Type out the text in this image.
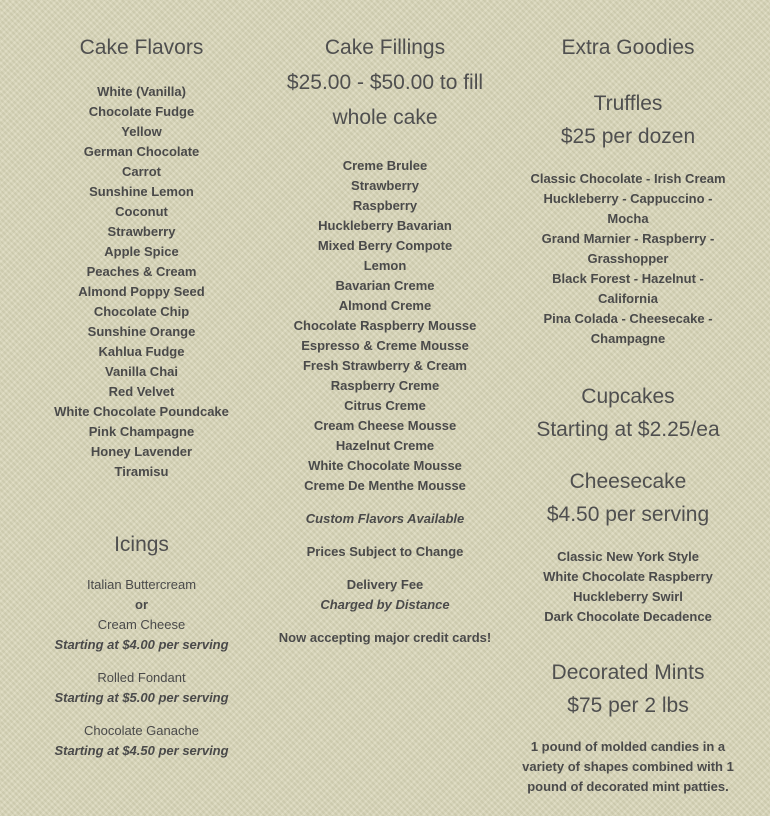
Cake Flavors
White (Vanilla)
Chocolate Fudge
Yellow
German Chocolate
Carrot
Sunshine Lemon
Coconut
Strawberry
Apple Spice
Peaches & Cream
Almond Poppy Seed
Chocolate Chip
Sunshine Orange
Kahlua Fudge
Vanilla Chai
Red Velvet
White Chocolate Poundcake
Pink Champagne
Honey Lavender
Tiramisu
Icings
Italian Buttercream
or
Cream Cheese
Starting at $4.00 per serving
Rolled Fondant
Starting at $5.00 per serving
Chocolate Ganache
Starting at $4.50 per serving
Cake Fillings
$25.00 - $50.00 to fill
whole cake
Creme Brulee
Strawberry
Raspberry
Huckleberry Bavarian
Mixed Berry Compote
Lemon
Bavarian Creme
Almond Creme
Chocolate Raspberry Mousse
Espresso & Creme Mousse
Fresh Strawberry & Cream
Raspberry Creme
Citrus Creme
Cream Cheese Mousse
Hazelnut Creme
White Chocolate Mousse
Creme De Menthe Mousse
Custom Flavors Available
Prices Subject to Change
Delivery Fee
Charged by Distance
Now accepting major credit cards!
Extra Goodies
Truffles
$25 per dozen
Classic Chocolate - Irish Cream
Huckleberry - Cappuccino - Mocha
Grand Marnier - Raspberry - Grasshopper
Black Forest - Hazelnut - California
Pina Colada - Cheesecake - Champagne
Cupcakes
Starting at $2.25/ea
Cheesecake
$4.50 per serving
Classic New York Style
White Chocolate Raspberry
Huckleberry Swirl
Dark Chocolate Decadence
Decorated Mints
$75 per 2 lbs
1 pound of molded candies in a variety of shapes combined with 1 pound of decorated mint patties.
